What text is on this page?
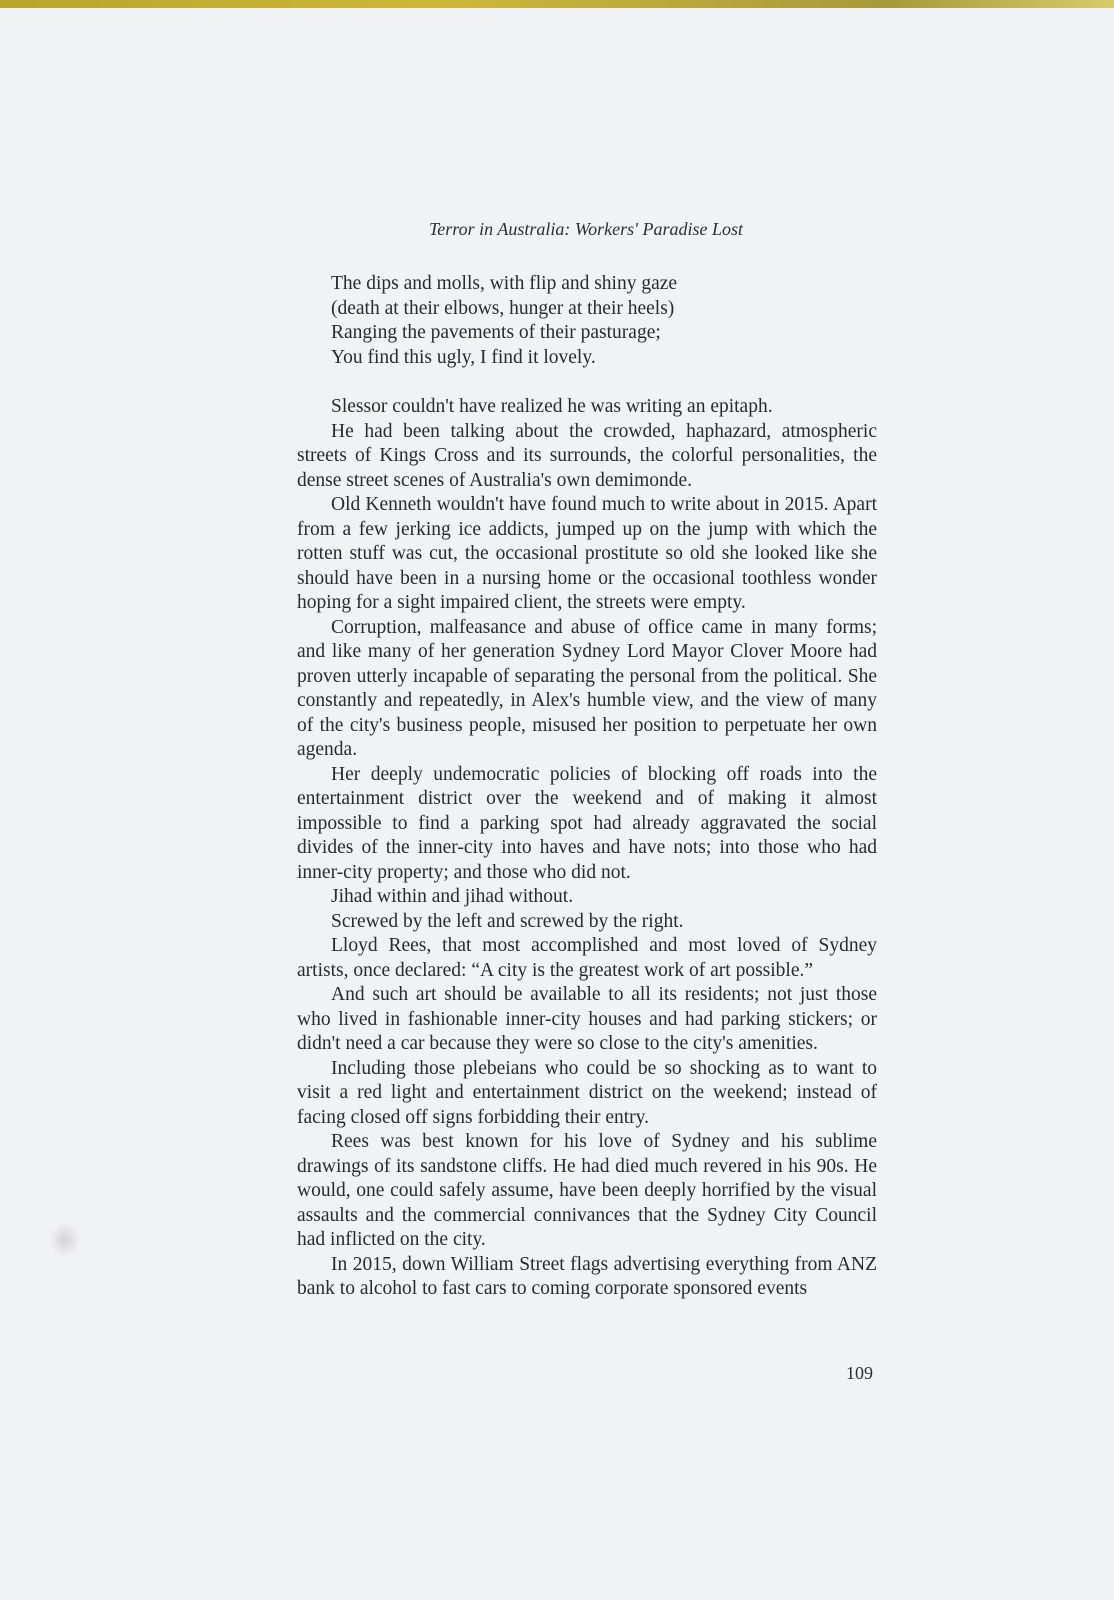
Terror in Australia: Workers' Paradise Lost
The dips and molls, with flip and shiny gaze
(death at their elbows, hunger at their heels)
Ranging the pavements of their pasturage;
You find this ugly, I find it lovely.

Slessor couldn't have realized he was writing an epitaph.

He had been talking about the crowded, haphazard, atmospheric streets of Kings Cross and its surrounds, the colorful personalities, the dense street scenes of Australia's own demimonde.

Old Kenneth wouldn't have found much to write about in 2015. Apart from a few jerking ice addicts, jumped up on the jump with which the rotten stuff was cut, the occasional prostitute so old she looked like she should have been in a nursing home or the occasional toothless wonder hoping for a sight impaired client, the streets were empty.

Corruption, malfeasance and abuse of office came in many forms; and like many of her generation Sydney Lord Mayor Clover Moore had proven utterly incapable of separating the personal from the political. She constantly and repeatedly, in Alex's humble view, and the view of many of the city's business people, misused her position to perpetuate her own agenda.

Her deeply undemocratic policies of blocking off roads into the entertainment district over the weekend and of making it almost impossible to find a parking spot had already aggravated the social divides of the inner-city into haves and have nots; into those who had inner-city property; and those who did not.

Jihad within and jihad without.

Screwed by the left and screwed by the right.

Lloyd Rees, that most accomplished and most loved of Sydney artists, once declared: “A city is the greatest work of art possible.”

And such art should be available to all its residents; not just those who lived in fashionable inner-city houses and had parking stickers; or didn't need a car because they were so close to the city's amenities.

Including those plebeians who could be so shocking as to want to visit a red light and entertainment district on the weekend; instead of facing closed off signs forbidding their entry.

Rees was best known for his love of Sydney and his sublime drawings of its sandstone cliffs. He had died much revered in his 90s. He would, one could safely assume, have been deeply horrified by the visual assaults and the commercial connivances that the Sydney City Council had inflicted on the city.

In 2015, down William Street flags advertising everything from ANZ bank to alcohol to fast cars to coming corporate sponsored events

109
